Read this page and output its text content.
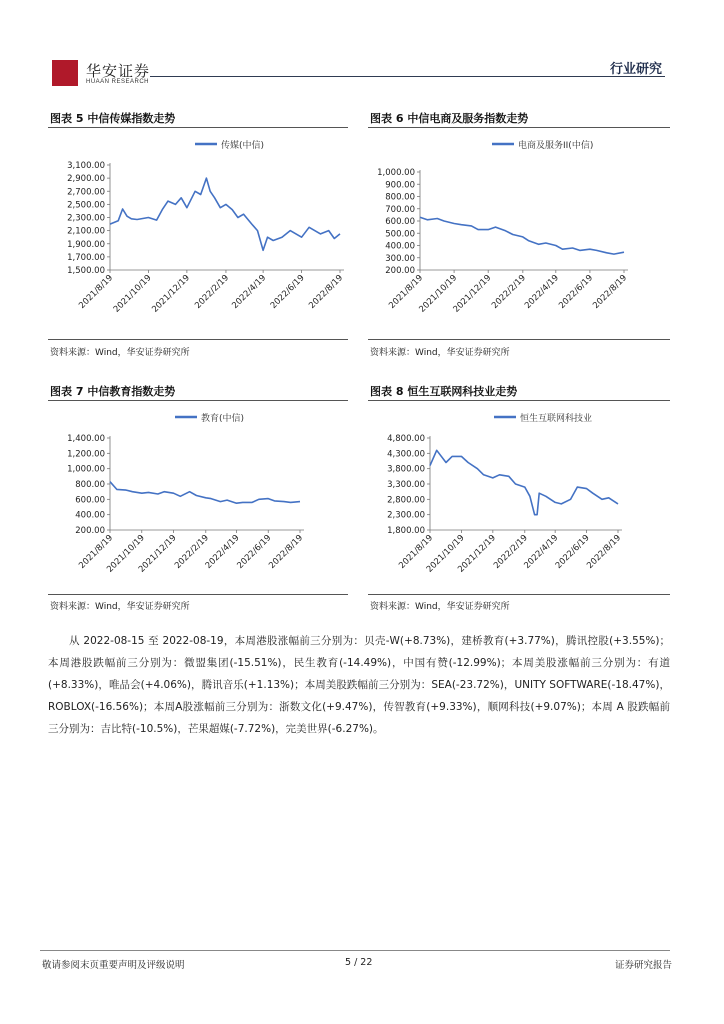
华安证券
HUAAN RESEARCH
行业研究
图表 5 中信传媒指数走势	图表 6 中信电商及服务指数走势
图表 7 中信教育指数走势	图表 8 恒生互联网科技业走势
传媒(中信)
3,100.00
2,900.00
2,700.00
2,500.00
2,300.00
2,100.00
1,900.00
1,700.00
1,500.00
2021/8/19
2021/10/19
2021/12/19 2022/2/19 2022/4/19 2022/6/19 2022/8/19
电商及服务II(中信)
1,000.00
900.00
800.00
700.00
600.00
500.00
400.00
300.00
200.00
2021/8/19
2021/10/19
2021/12/19
2022/2/19
2022/4/19
2022/6/19
2022/8/19
教育(中信)
1,400.00
1,200.00
1,000.00
800.00
600.00
400.00
200.00
2021/8/19
2021/10/19
2021/12/19
2022/2/19
2022/4/19
2022/6/19
2022/8/19
恒生互联网科技业
4,800.00
4,300.00
3,800.00
3,300.00
2,800.00
2,300.00
1,800.00
2021/8/19
2021/10/19
2021/12/19
2022/2/19
2022/4/19
2022/6/19
2022/8/19
资料来源：Wind，华安证券研究所	资料来源：Wind，华安证券研究所
资料来源：Wind，华安证券研究所	资料来源：Wind，华安证券研究所

从 2022-08-15 至 2022-08-19，本周港股涨幅前三分别为：贝壳-W(+8.73%)，建桥教育(+3.77%)，腾讯控股(+3.55%)；本周港股跌幅前三分别为：微盟集团(-15.51%)，民生教育(-14.49%)，中国有赞(-12.99%)；本周美股涨幅前三分别为：有道(+8.33%)，唯品会(+4.06%)，腾讯音乐(+1.13%)；本周美股跌幅前三分别为：SEA(-23.72%)，UNITY SOFTWARE(-18.47%)，ROBLOX(-16.56%)；本周A股涨幅前三分别为：浙数文化(+9.47%)，传智教育(+9.33%)，顺网科技(+9.07%)；本周 A 股跌幅前三分别为：吉比特(-10.5%)，芒果超媒(-7.72%)，完美世界(-6.27%)。

敬请参阅末页重要声明及评级说明	5 / 22	证券研究报告
